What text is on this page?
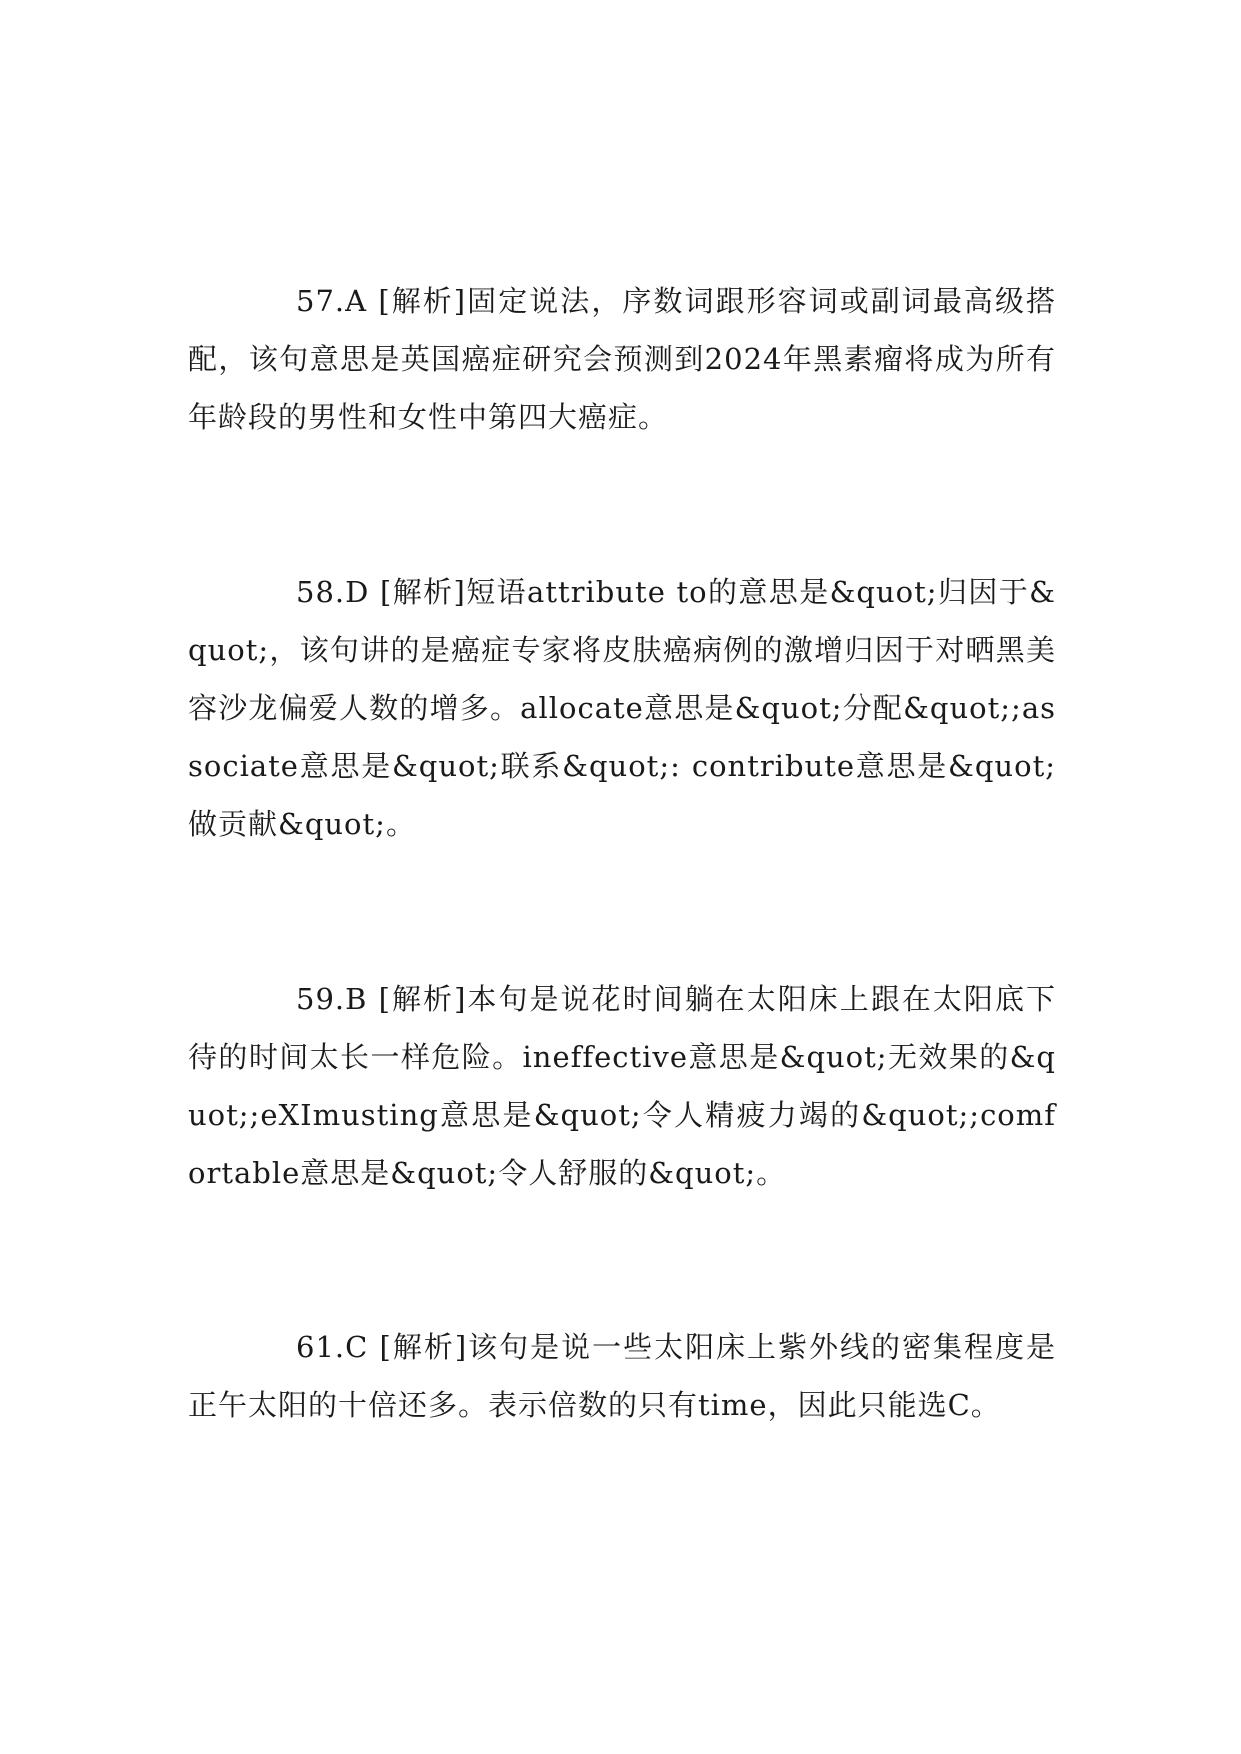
57.A [解析]固定说法，序数词跟形容词或副词最高级搭配，该句意思是英国癌症研究会预测到2024年黑素瘤将成为所有年龄段的男性和女性中第四大癌症。

58.D [解析]短语attribute to的意思是&quot;归因于&quot;，该句讲的是癌症专家将皮肤癌病例的激增归因于对晒黑美容沙龙偏爱人数的增多。allocate意思是&quot;分配&quot;;associate意思是&quot;联系&quot;: contribute意思是&quot;做贡献&quot;。

59.B [解析]本句是说花时间躺在太阳床上跟在太阳底下待的时间太长一样危险。ineffective意思是&quot;无效果的&quot;;eXImusting意思是&quot;令人精疲力竭的&quot;;comfortable意思是&quot;令人舒服的&quot;。

61.C [解析]该句是说一些太阳床上紫外线的密集程度是正午太阳的十倍还多。表示倍数的只有time，因此只能选C。
